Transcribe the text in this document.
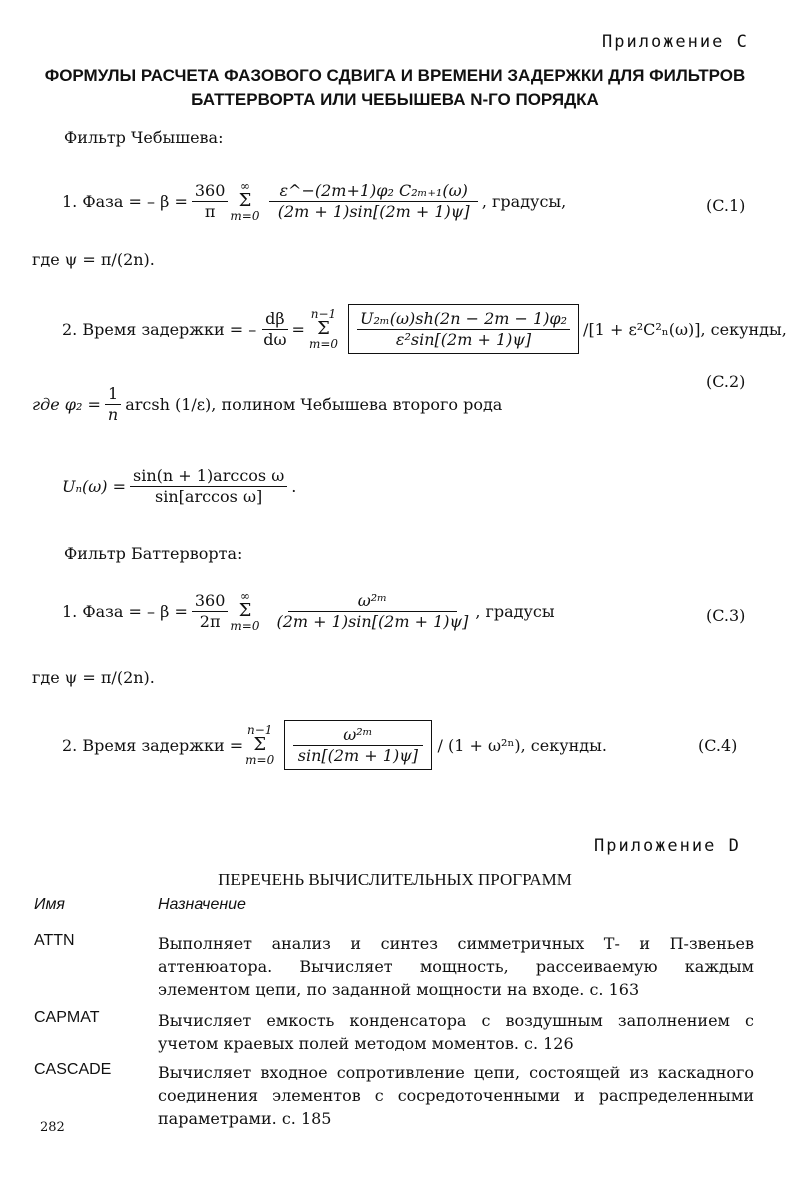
Приложение С
ФОРМУЛЫ РАСЧЕТА ФАЗОВОГО СДВИГА И ВРЕМЕНИ ЗАДЕРЖКИ ДЛЯ ФИЛЬТРОВ
БАТТЕРВОРТА ИЛИ ЧЕБЫШЕВА N-ГО ПОРЯДКА
Фильтр Чебышева:
1. Фаза = – $\beta = \frac{360}{\pi}$ ∞
Σ
$m=0 \frac{\text{ε\textasciicircum{}−(2m+1)φ₂ C₂ₘ₊₁(ω)}}{(2m + 1)\sin[(2m + 1)\psi]}$ , градусы,	(C.1)
где ψ = π/(2n).
2. Время задержки = – $\frac{d\beta}{d\omega}$ =
n−1
Σ
$m=0 \frac{\text{U₂ₘ(ω)sh(2n − 2m − 1)φ₂}}{\text{ε²sin[(2m + 1)ψ]}} /[1 + \varepsilon^2C^2_n(\omega)]$, секунды,
(C.2)
где $\varphi_2 = \frac{1}{n}$ arcsh (1/ε), полином Чебышева второго рода
$U_n(\omega) = \frac{\text{sin(n + 1)arccos ω}}{\text{sin[arccos ω]}}$ .
Фильтр Баттерворта:
1. Фаза = – $\beta = \frac{360}{2\pi}$ ∞
Σ
$m=0 \frac{\text{ω²ᵐ}}{(2m + 1)\sin[(2m + 1)\psi]}$ , градусы	(C.3)
где ψ = π/(2n).
2. Время задержки =
n−1
Σ
$m=0 \frac{\text{ω²ᵐ}}{\sin[(2m + 1)\psi]} / (1 + \omega^{2n})$, секунды.	(C.4)
Приложение D
ПЕРЕЧЕНЬ ВЫЧИСЛИТЕЛЬНЫХ ПРОГРАММ
Имя	Назначение
ATTN	Выполняет анализ и синтез симметричных Т- и П-звеньев аттенюатора. Вычисляет мощность, рассеиваемую каждым элементом цепи, по заданной мощности на входе. с. 163
CAPMAT	Вычисляет емкость конденсатора с воздушным заполнением с учетом краевых полей методом моментов. с. 126
CASCADE	Вычисляет входное сопротивление цепи, состоящей из каскадного соединения элементов с сосредоточенными и распределенными параметрами. с. 185
282
